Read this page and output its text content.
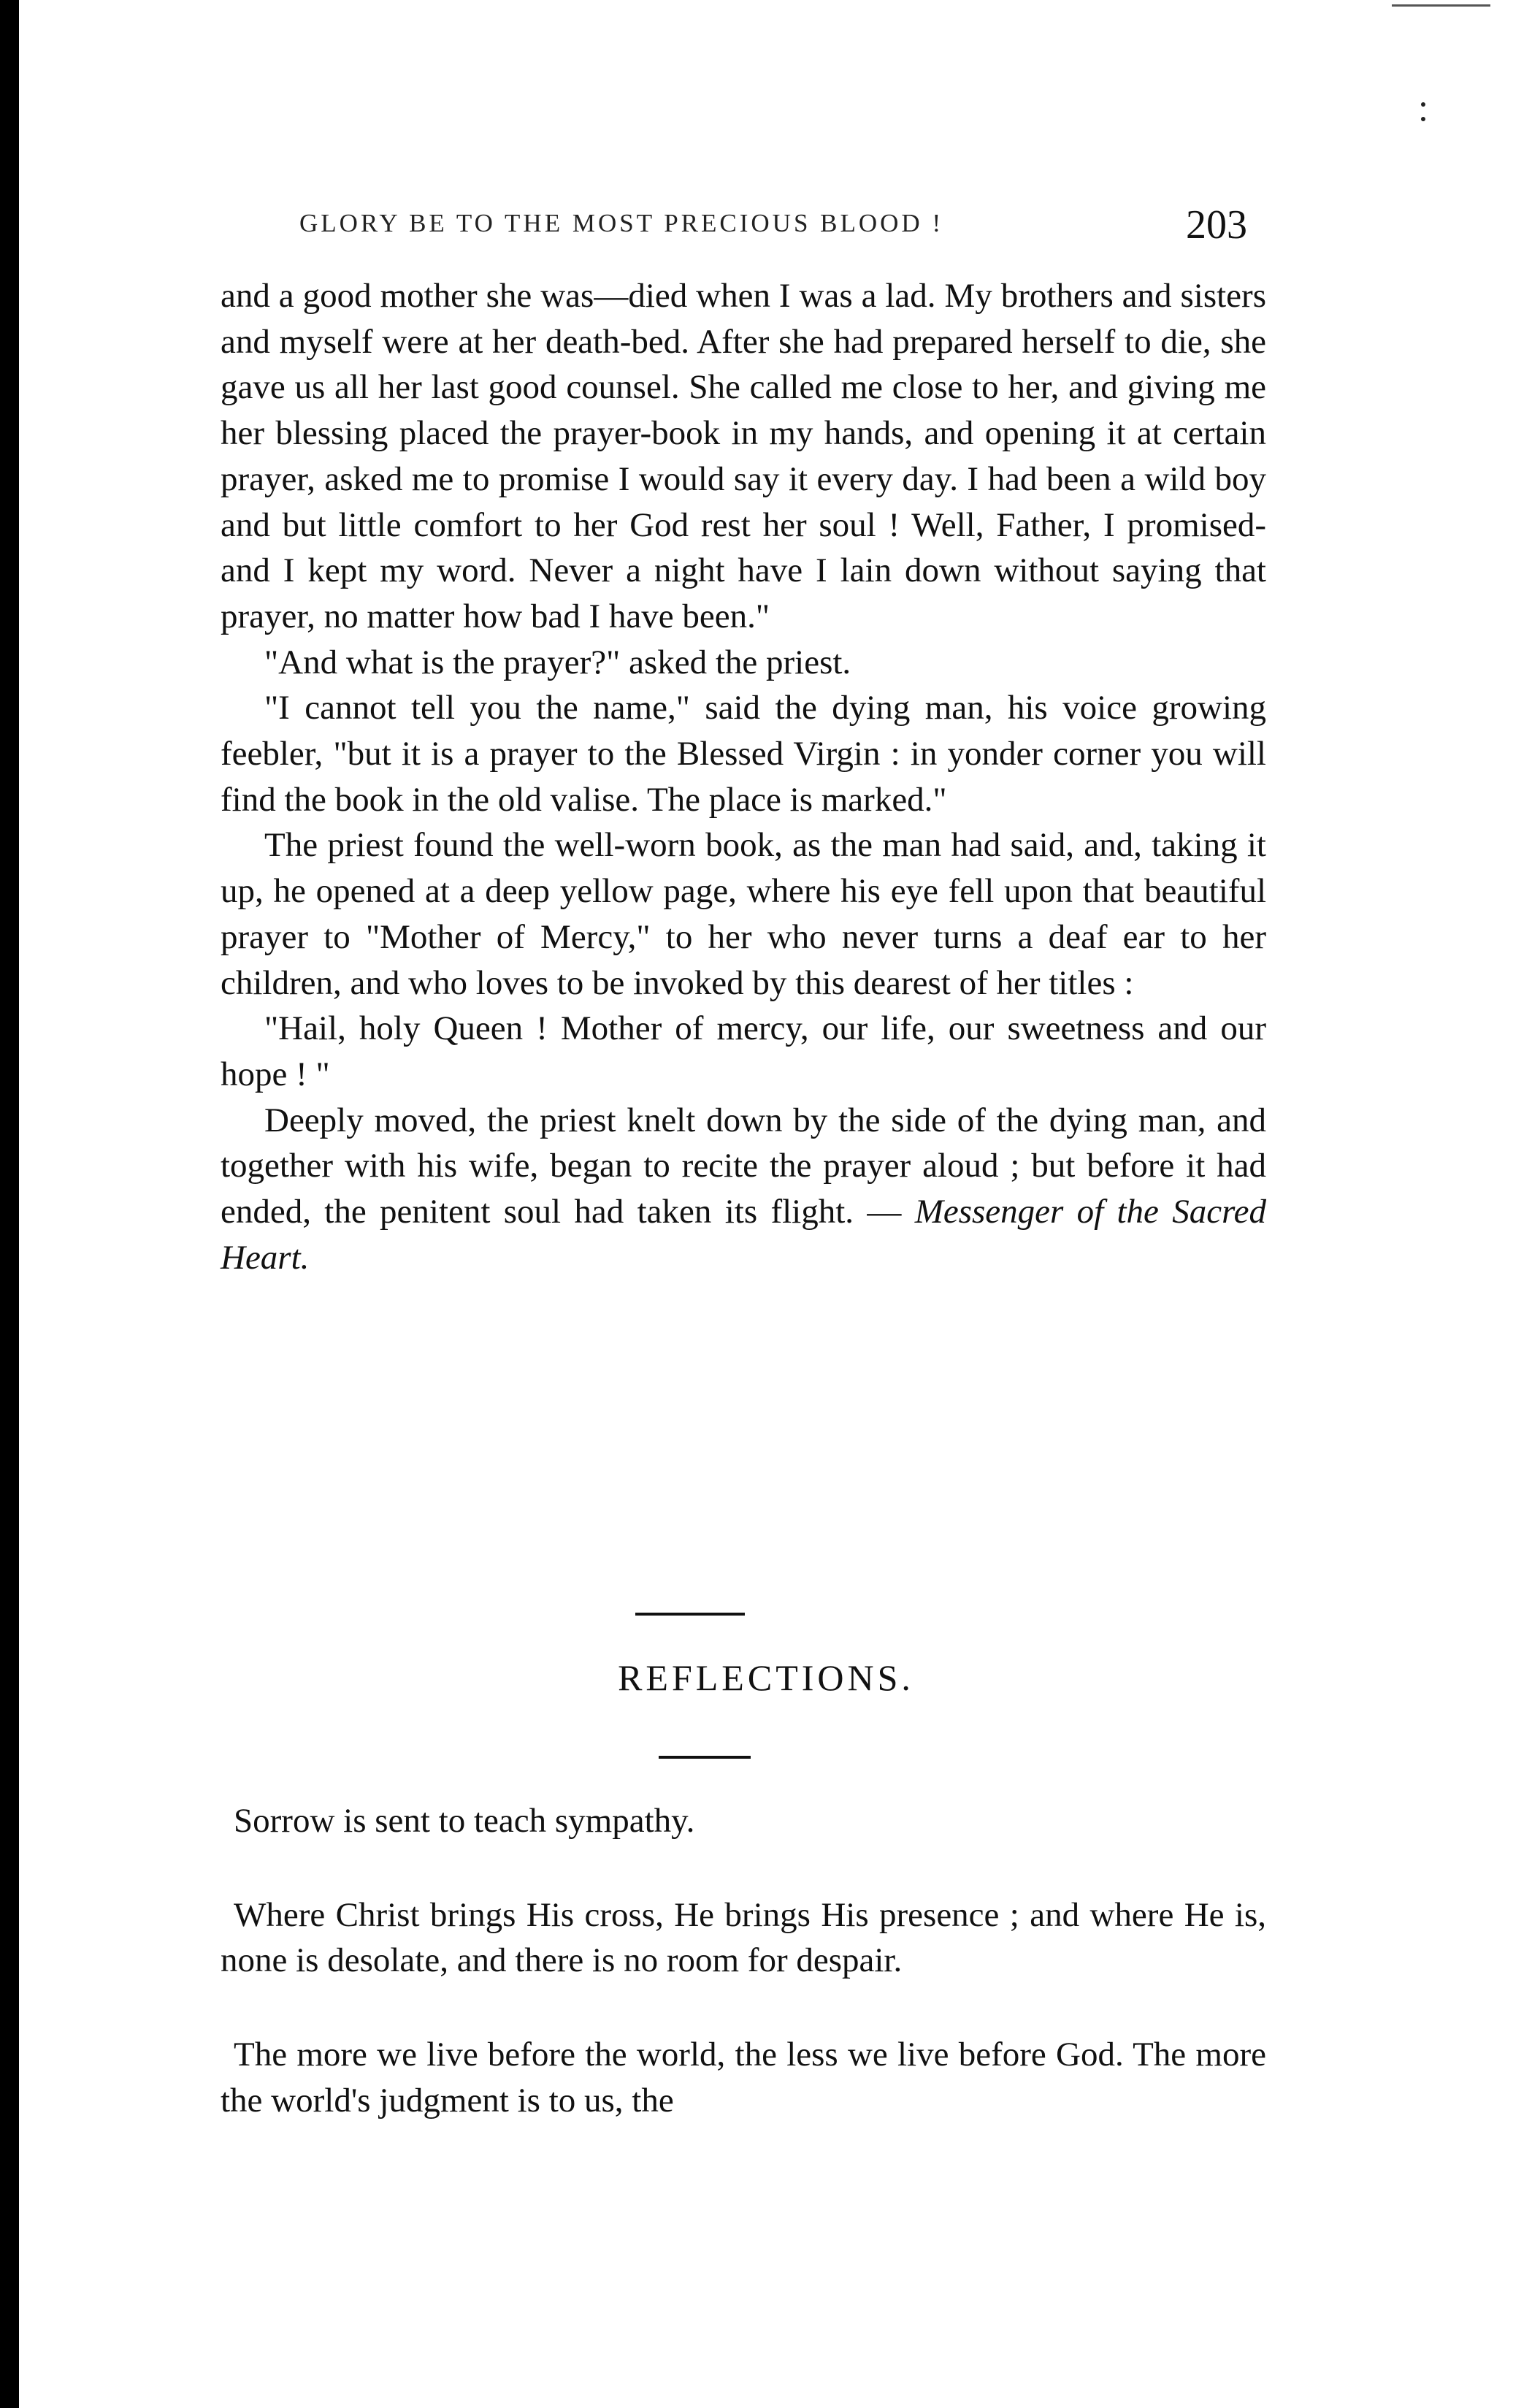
GLORY BE TO THE MOST PRECIOUS BLOOD !	203
and a good mother she was—died when I was a lad. My brothers and sisters and myself were at her death-bed. After she had prepared herself to die, she gave us all her last good counsel. She called me close to her, and giving me her blessing placed the prayer-book in my hands, and opening it at certain prayer, asked me to promise I would say it every day. I had been a wild boy and but little comfort to her God rest her soul ! Well, Father, I promised- and I kept my word. Never a night have I lain down without saying that prayer, no matter how bad I have been."
"And what is the prayer?" asked the priest.
"I cannot tell you the name," said the dying man, his voice growing feebler, "but it is a prayer to the Blessed Virgin : in yonder corner you will find the book in the old valise. The place is marked."
The priest found the well-worn book, as the man had said, and, taking it up, he opened at a deep yellow page, where his eye fell upon that beautiful prayer to "Mother of Mercy," to her who never turns a deaf ear to her children, and who loves to be invoked by this dearest of her titles :
"Hail, holy Queen ! Mother of mercy, our life, our sweetness and our hope ! "
Deeply moved, the priest knelt down by the side of the dying man, and together with his wife, began to recite the prayer aloud ; but before it had ended, the penitent soul had taken its flight. — Messenger of the Sacred Heart.
REFLECTIONS.
Sorrow is sent to teach sympathy.
Where Christ brings His cross, He brings His presence ; and where He is, none is desolate, and there is no room for despair.
The more we live before the world, the less we live before God. The more the world's judgment is to us, the
